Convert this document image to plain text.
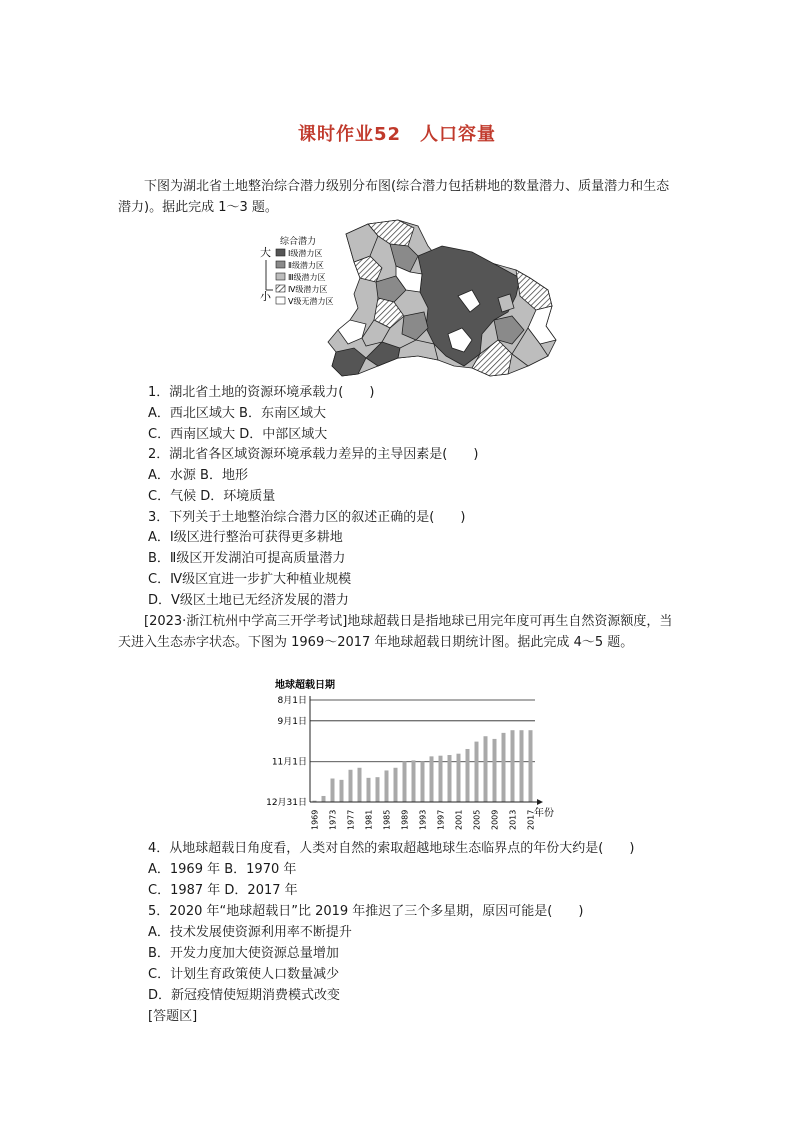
课时作业52　人口容量
下图为湖北省土地整治综合潜力级别分布图(综合潜力包括耕地的数量潜力、质量潜力和生态潜力)。据此完成 1～3 题。
综合潜力
大
小
Ⅰ级潜力区
Ⅱ级潜力区
Ⅲ级潜力区
Ⅳ级潜力区
Ⅴ级无潜力区
1．湖北省土地的资源环境承载力(　　)
A．西北区域大 B．东南区域大
C．西南区域大 D．中部区域大
2．湖北省各区域资源环境承载力差异的主导因素是(　　)
A．水源 B．地形
C．气候 D．环境质量
3．下列关于土地整治综合潜力区的叙述正确的是(　　)
A．Ⅰ级区进行整治可获得更多耕地
B．Ⅱ级区开发湖泊可提高质量潜力
C．Ⅳ级区宜进一步扩大种植业规模
D．Ⅴ级区土地已无经济发展的潜力
[2023·浙江杭州中学高三开学考试]地球超载日是指地球已用完年度可再生自然资源额度，当天进入生态赤字状态。下图为 1969～2017 年地球超载日期统计图。据此完成 4～5 题。
地球超载日期
8月1日
9月1日
11月1日
12月31日
1969 1973 1977 1981 1985 1989 1993 1997 2001 2005 2009 2013 2017
年份
4．从地球超载日角度看，人类对自然的索取超越地球生态临界点的年份大约是(　　)
A．1969 年 B．1970 年
C．1987 年 D．2017 年
5．2020 年“地球超载日”比 2019 年推迟了三个多星期，原因可能是(　　)
A．技术发展使资源利用率不断提升
B．开发力度加大使资源总量增加
C．计划生育政策使人口数量减少
D．新冠疫情使短期消费模式改变
[答题区]
